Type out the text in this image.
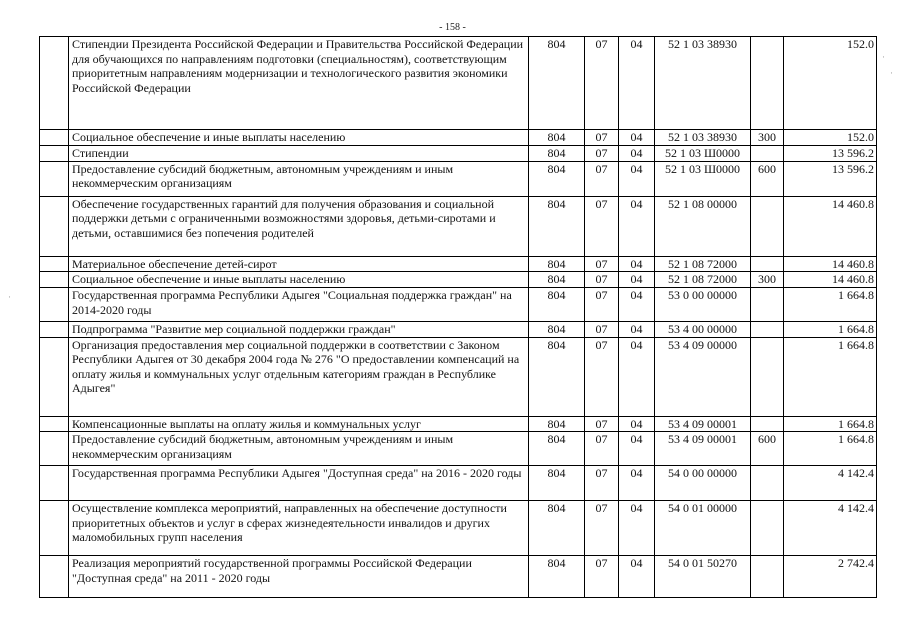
- 158 -
·
·
·
	Стипендии Президента Российской Федерации и Правительства Российской Федерации для обучающихся по направлениям подготовки (специальностям), соответствующим приоритетным направлениям модернизации и технологического развития экономики Российской Федерации	804	07	04	52 1 03 38930		152.0
	Социальное обеспечение и иные выплаты населению	804	07	04	52 1 03 38930	300	152.0
	Стипендии	804	07	04	52 1 03 Ш0000		13 596.2
	Предоставление субсидий бюджетным, автономным учреждениям и иным некоммерческим организациям	804	07	04	52 1 03 Ш0000	600	13 596.2
	Обеспечение государственных гарантий для получения образования и социальной поддержки детьми с ограниченными возможностями здоровья, детьми-сиротами и детьми, оставшимися без попечения родителей	804	07	04	52 1 08 00000		14 460.8
	Материальное обеспечение детей-сирот	804	07	04	52 1 08 72000		14 460.8
	Социальное обеспечение и иные выплаты населению	804	07	04	52 1 08 72000	300	14 460.8
	Государственная программа Республики Адыгея "Социальная поддержка граждан" на 2014-2020 годы	804	07	04	53 0 00 00000		1 664.8
	Подпрограмма "Развитие мер социальной поддержки граждан"	804	07	04	53 4 00 00000		1 664.8
	Организация предоставления мер социальной поддержки в соответствии с Законом Республики Адыгея от 30 декабря 2004 года № 276 "О предоставлении компенсаций на оплату жилья и коммунальных услуг отдельным категориям граждан в Республике Адыгея"	804	07	04	53 4 09 00000		1 664.8
	Компенсационные выплаты на оплату жилья и коммунальных услуг	804	07	04	53 4 09 00001		1 664.8
	Предоставление субсидий бюджетным, автономным учреждениям и иным некоммерческим организациям	804	07	04	53 4 09 00001	600	1 664.8
	Государственная программа Республики Адыгея "Доступная среда" на 2016 - 2020 годы	804	07	04	54 0 00 00000		4 142.4
	Осуществление комплекса мероприятий, направленных на обеспечение доступности приоритетных объектов и услуг в сферах жизнедеятельности инвалидов и других маломобильных групп населения	804	07	04	54 0 01 00000		4 142.4
	Реализация мероприятий государственной программы Российской Федерации "Доступная среда" на 2011 - 2020 годы	804	07	04	54 0 01 50270		2 742.4
